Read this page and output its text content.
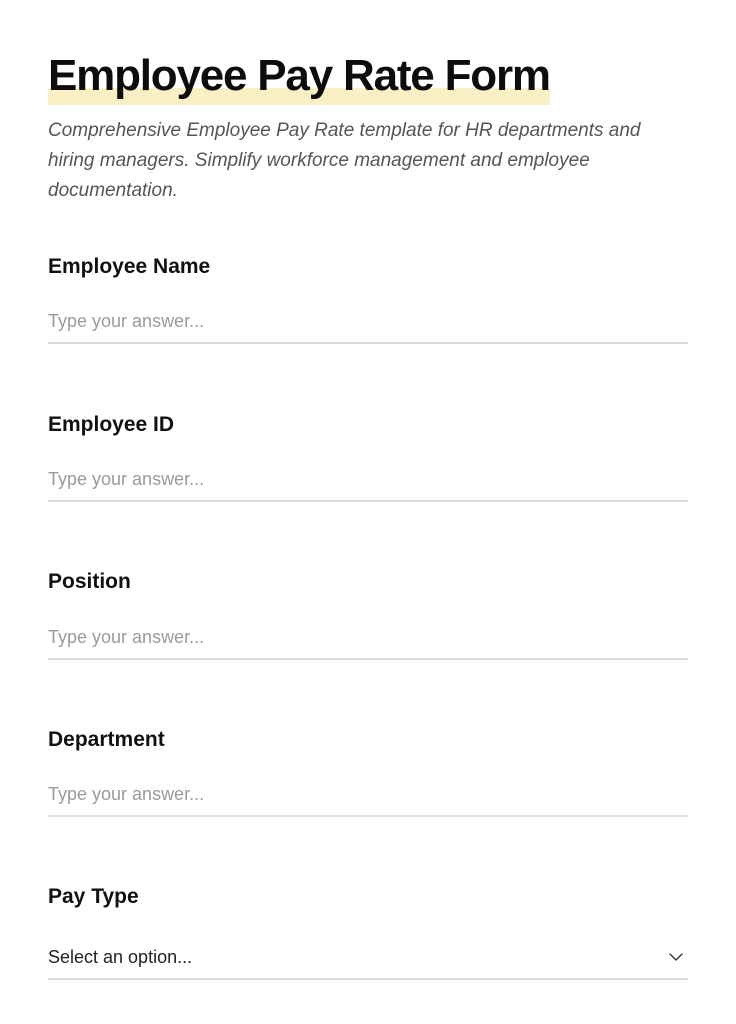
Employee Pay Rate Form

Comprehensive Employee Pay Rate template for HR departments and hiring managers. Simplify workforce management and employee documentation.

Employee Name
Type your answer...
Employee ID
Type your answer...
Position
Type your answer...
Department
Type your answer...
Pay Type
Select an option...
